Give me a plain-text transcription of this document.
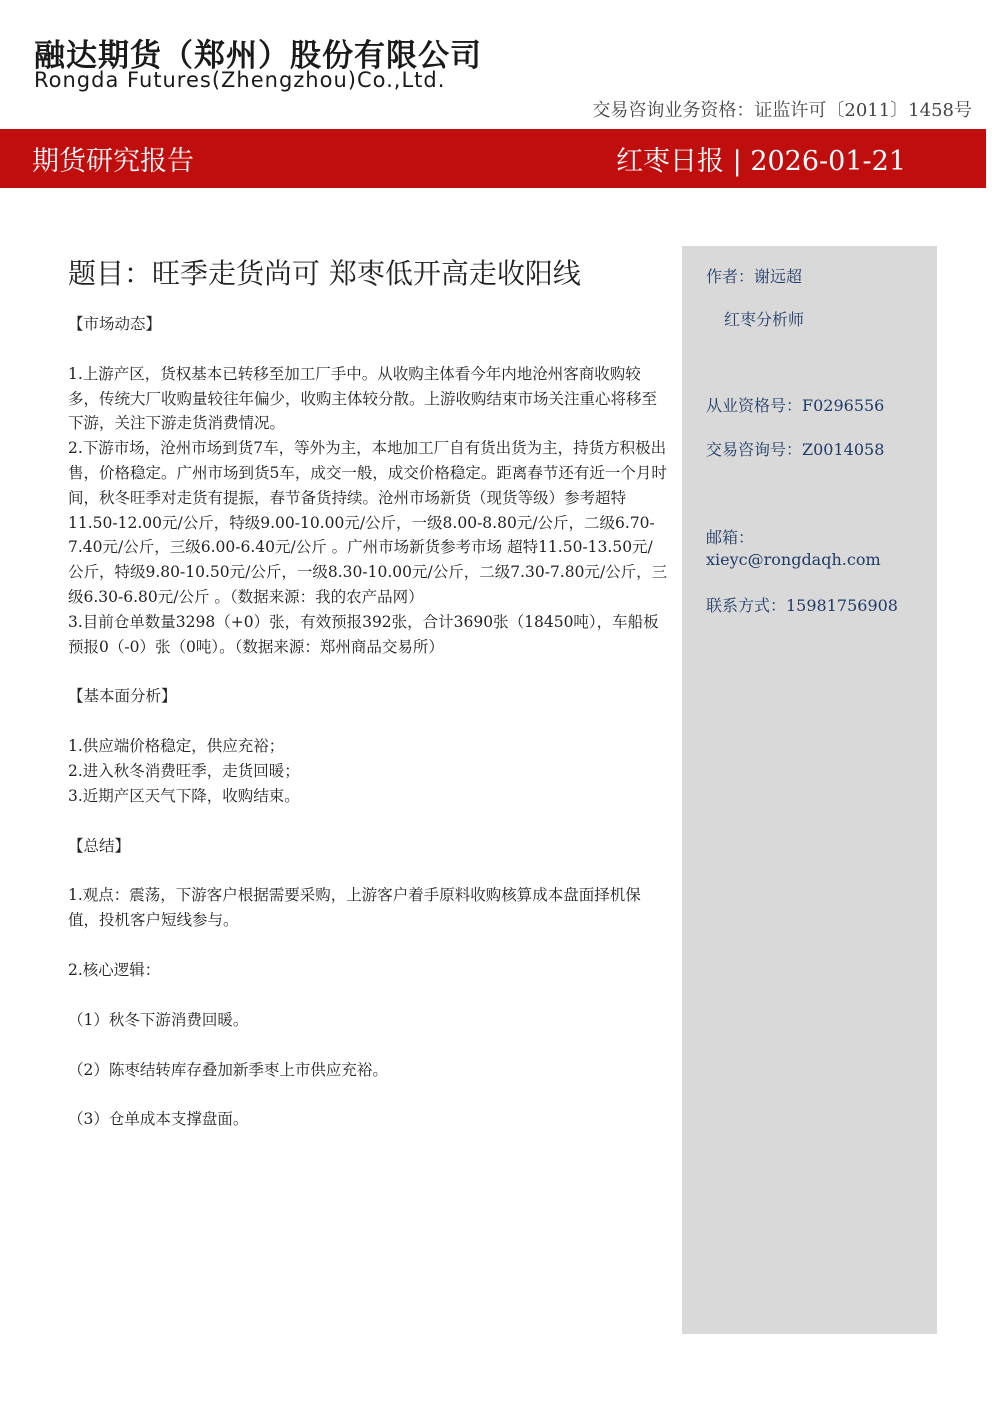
融达期货（郑州）股份有限公司
Rongda Futures(Zhengzhou)Co.,Ltd.
交易咨询业务资格：证监许可〔2011〕1458号
期货研究报告	红枣日报 | 2026-01-21
题目：旺季走货尚可 郑枣低开高走收阳线

【市场动态】

1.上游产区，货权基本已转移至加工厂手中。从收购主体看今年内地沧州客商收购较多，传统大厂收购量较往年偏少，收购主体较分散。上游收购结束市场关注重心将移至下游，关注下游走货消费情况。

2.下游市场，沧州市场到货7车，等外为主，本地加工厂自有货出货为主，持货方积极出售，价格稳定。广州市场到货5车，成交一般，成交价格稳定。距离春节还有近一个月时间，秋冬旺季对走货有提振，春节备货持续。沧州市场新货（现货等级）参考超特 11.50-12.00元/公斤，特级9.00-10.00元/公斤，一级8.00-8.80元/公斤，二级6.70-7.40元/公斤，三级6.00-6.40元/公斤 。广州市场新货参考市场 超特11.50-13.50元/公斤，特级9.80-10.50元/公斤，一级8.30-10.00元/公斤，二级7.30-7.80元/公斤，三级6.30-6.80元/公斤 。（数据来源：我的农产品网）

3.目前仓单数量3298（+0）张，有效预报392张，合计3690张（18450吨），车船板预报0（-0）张（0吨）。（数据来源：郑州商品交易所）

【基本面分析】

1.供应端价格稳定，供应充裕；

2.进入秋冬消费旺季，走货回暖；

3.近期产区天气下降，收购结束。

【总结】

1.观点：震荡，下游客户根据需要采购，上游客户着手原料收购核算成本盘面择机保值，投机客户短线参与。

2.核心逻辑：

（1）秋冬下游消费回暖。

（2）陈枣结转库存叠加新季枣上市供应充裕。

（3）仓单成本支撑盘面。

作者：谢远超
红枣分析师
从业资格号：F0296556
交易咨询号：Z0014058
邮箱：
xieyc@rongdaqh.com
联系方式：15981756908
